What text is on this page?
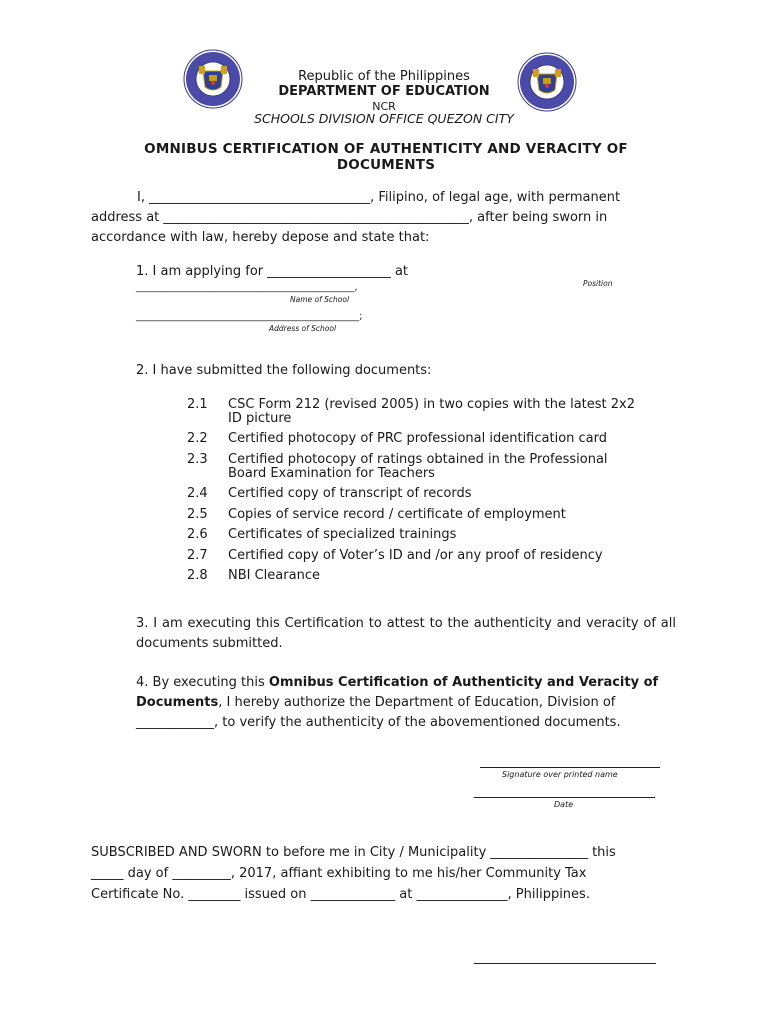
Republic of the Philippines
DEPARTMENT OF EDUCATION
NCR
SCHOOLS DIVISION OFFICE QUEZON CITY
OMNIBUS CERTIFICATION OF AUTHENTICITY AND VERACITY OF
DOCUMENTS
I, __________________________________, Filipino, of legal age, with permanent
address at _______________________________________________, after being sworn in
accordance with law, hereby depose and state that:
1. I am applying for ___________________ at
Position
______________________________________________,
Name of School
_______________________________________________;
Address of School
2. I have submitted the following documents:
2.1 CSC Form 212 (revised 2005) in two copies with the latest 2x2 ID picture
2.2 Certified photocopy of PRC professional identification card
2.3 Certified photocopy of ratings obtained in the Professional Board Examination for Teachers
2.4 Certified copy of transcript of records
2.5 Copies of service record / certificate of employment
2.6 Certificates of specialized trainings
2.7 Certified copy of Voter’s ID and /or any proof of residency
2.8 NBI Clearance
3. I am executing this Certification to attest to the authenticity and veracity of all documents submitted.
4. By executing this Omnibus Certification of Authenticity and Veracity of Documents, I hereby authorize the Department of Education, Division of ____________, to verify the authenticity of the abovementioned documents.
Signature over printed name
Date
SUBSCRIBED AND SWORN to before me in City / Municipality _______________ this
_____ day of _________, 2017, affiant exhibiting to me his/her Community Tax
Certificate No. ________ issued on _____________ at ______________, Philippines.
